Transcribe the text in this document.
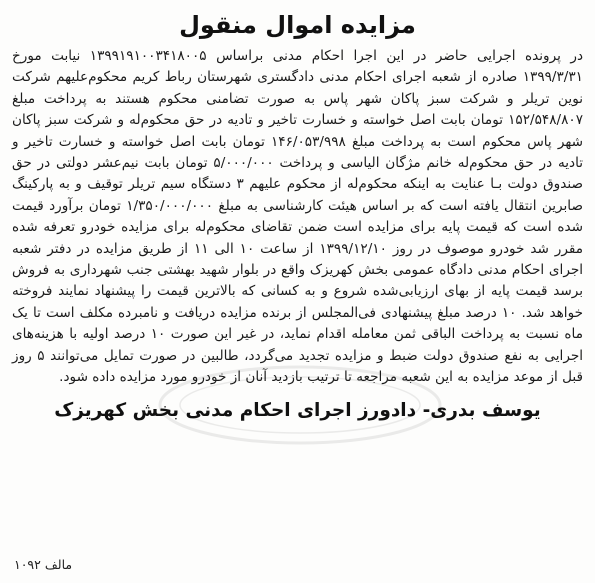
مزایده اموال منقول

در پرونده اجرایی حاضر در این اجرا احکام مدنی براساس ۱۳۹۹۱۹۱۰۰۳۴۱۸۰۰۵ نیابت مورخ ۱۳۹۹/۳/۳۱ صادره از شعبه اجرای احکام مدنی دادگستری شهرستان رباط کریم محکوم‌علیهم شرکت نوین تریلر و شرکت سبز پاکان شهر پاس به صورت تضامنی محکوم هستند به پرداخت مبلغ ۱۵۲/۵۴۸/۸۰۷ تومان بابت اصل خواسته و خسارت تاخیر و تادیه در حق محکوم‌له و شرکت سبز پاکان شهر پاس محکوم است به پرداخت مبلغ ۱۴۶/۰۵۳/۹۹۸ تومان بابت اصل خواسته و خسارت تاخیر و تادیه در حق محکوم‌له خانم مژگان الیاسی و پرداخت ۵/۰۰۰/۰۰۰ تومان بابت نیم‌عشر دولتی در حق صندوق دولت بـا عنایت به اینکه محکوم‌له از محکوم علیهم ۳ دستگاه سیم تریلر توقیف و به پارکینگ صابرین انتقال یافته است که بر اساس هیئت کارشناسی به مبلغ ۱/۳۵۰/۰۰۰/۰۰۰ تومان برآورد قیمت شده است که قیمت پایه برای مزایده است ضمن تقاضای محکوم‌له برای مزایده خودرو تعرفه شده مقرر شد خودرو موصوف در روز ۱۳۹۹/۱۲/۱۰ از ساعت ۱۰ الی ۱۱ از طریق مزایده در دفتر شعبه اجرای احکام مدنی دادگاه عمومی بخش کهریزک واقع در بلوار شهید بهشتی جنب شهرداری به فروش برسد قیمت پایه از بهای ارزیابی‌شده شروع و به کسانی که بالاترین قیمت را پیشنهاد نمایند فروخته خواهد شد. ۱۰ درصد مبلغ پیشنهادی فی‌المجلس از برنده مزایده دریافت و نامبرده مکلف است تا یک ماه نسبت به پرداخت الباقی ثمن معامله اقدام نماید، در غیر این صورت ۱۰ درصد اولیه با هزینه‌های اجرایی به نفع صندوق دولت ضبط و مزایده تجدید می‌گردد، طالبین در صورت تمایل می‌توانند ۵ روز قبل از موعد مزایده به این شعبه مراجعه تا ترتیب بازدید آنان از خودرو مورد مزایده داده شود.

یوسف بدری- دادورز اجرای احکام مدنی بخش کهریزک
مالف ۱۰۹۲
